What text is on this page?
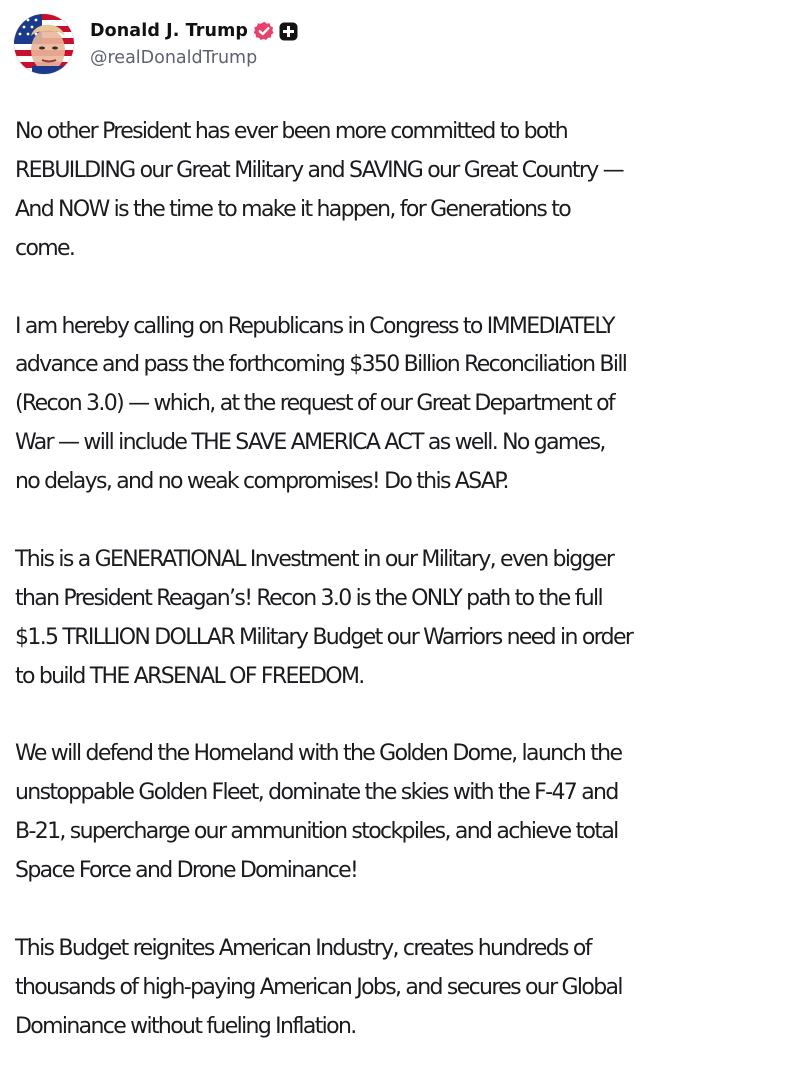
Donald J. Trump
@realDonaldTrump

No other President has ever been more committed to both
REBUILDING our Great Military and SAVING our Great Country —
And NOW is the time to make it happen, for Generations to
come.

I am hereby calling on Republicans in Congress to IMMEDIATELY
advance and pass the forthcoming $350 Billion Reconciliation Bill
(Recon 3.0) — which, at the request of our Great Department of
War — will include THE SAVE AMERICA ACT as well. No games,
no delays, and no weak compromises! Do this ASAP.

This is a GENERATIONAL Investment in our Military, even bigger
than President Reagan’s! Recon 3.0 is the ONLY path to the full
$1.5 TRILLION DOLLAR Military Budget our Warriors need in order
to build THE ARSENAL OF FREEDOM.

We will defend the Homeland with the Golden Dome, launch the
unstoppable Golden Fleet, dominate the skies with the F-47 and
B-21, supercharge our ammunition stockpiles, and achieve total
Space Force and Drone Dominance!

This Budget reignites American Industry, creates hundreds of
thousands of high-paying American Jobs, and secures our Global
Dominance without fueling Inflation.
